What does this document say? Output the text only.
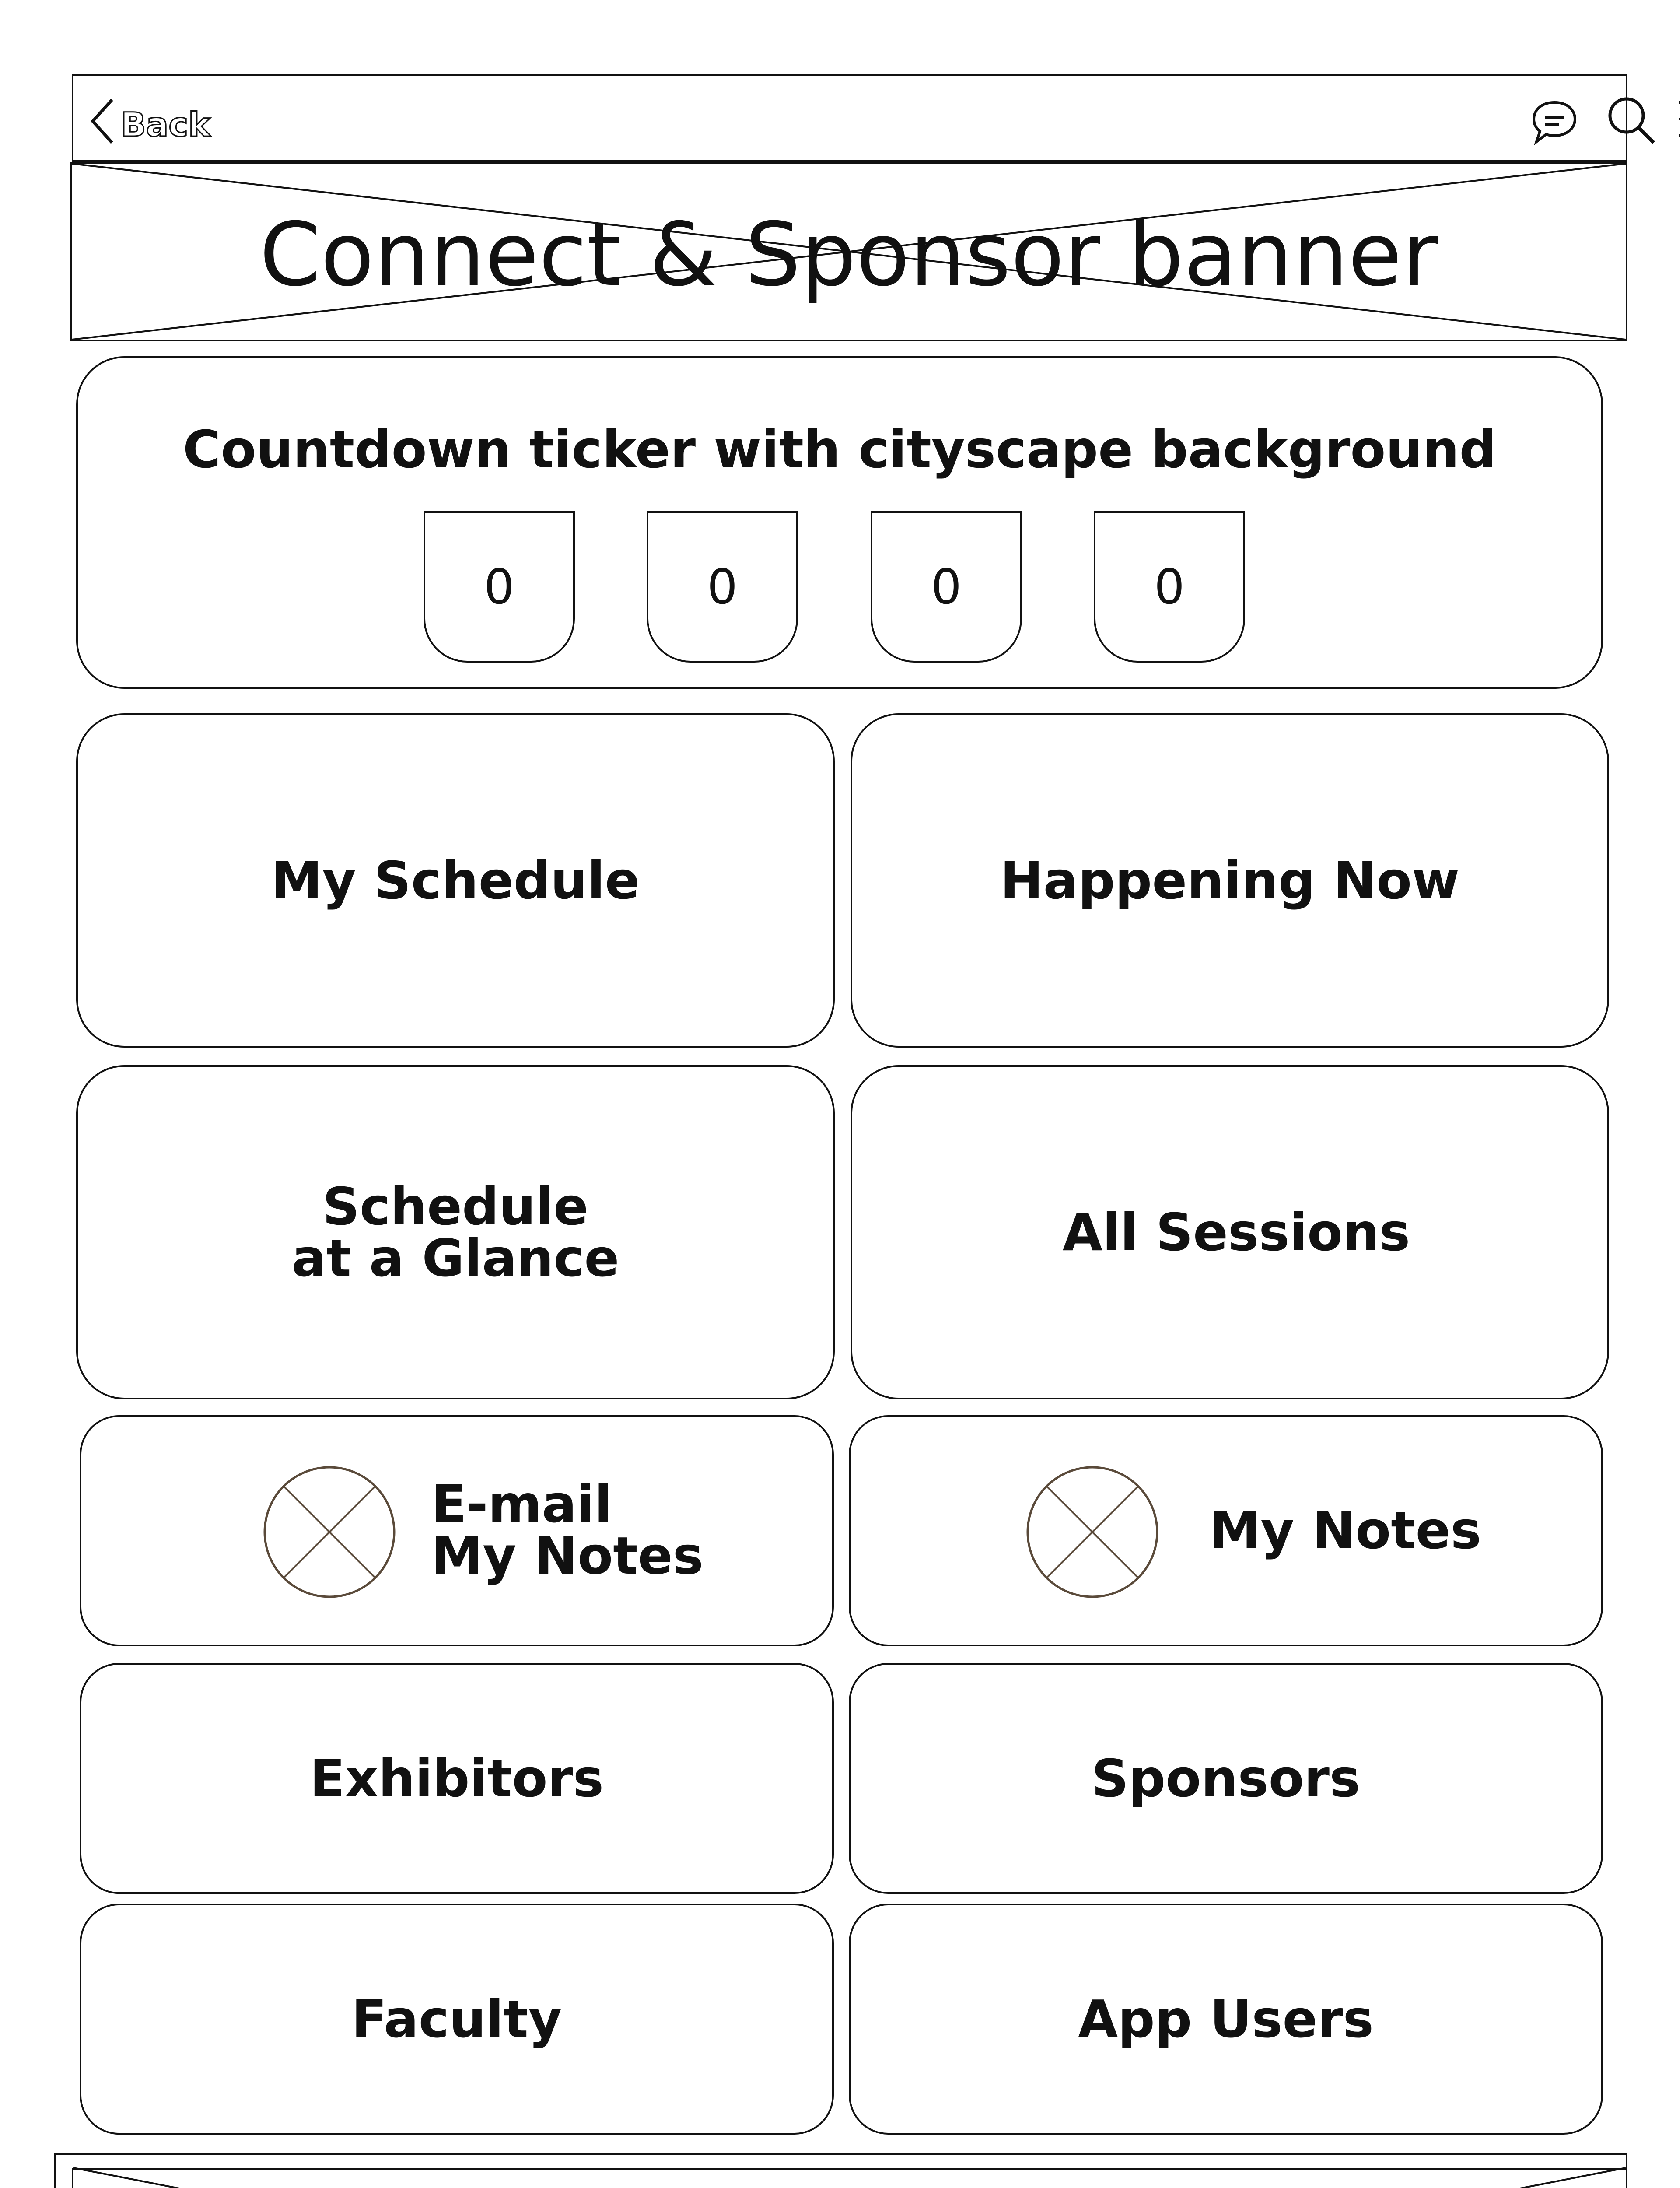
Back
Connect & Sponsor banner
Countdown ticker with cityscape background
0	0	0	0
My Schedule	Happening Now
Schedule
at a Glance	All Sessions
E-mail
My Notes	My Notes
Exhibitors	Sponsors
Faculty	App Users
